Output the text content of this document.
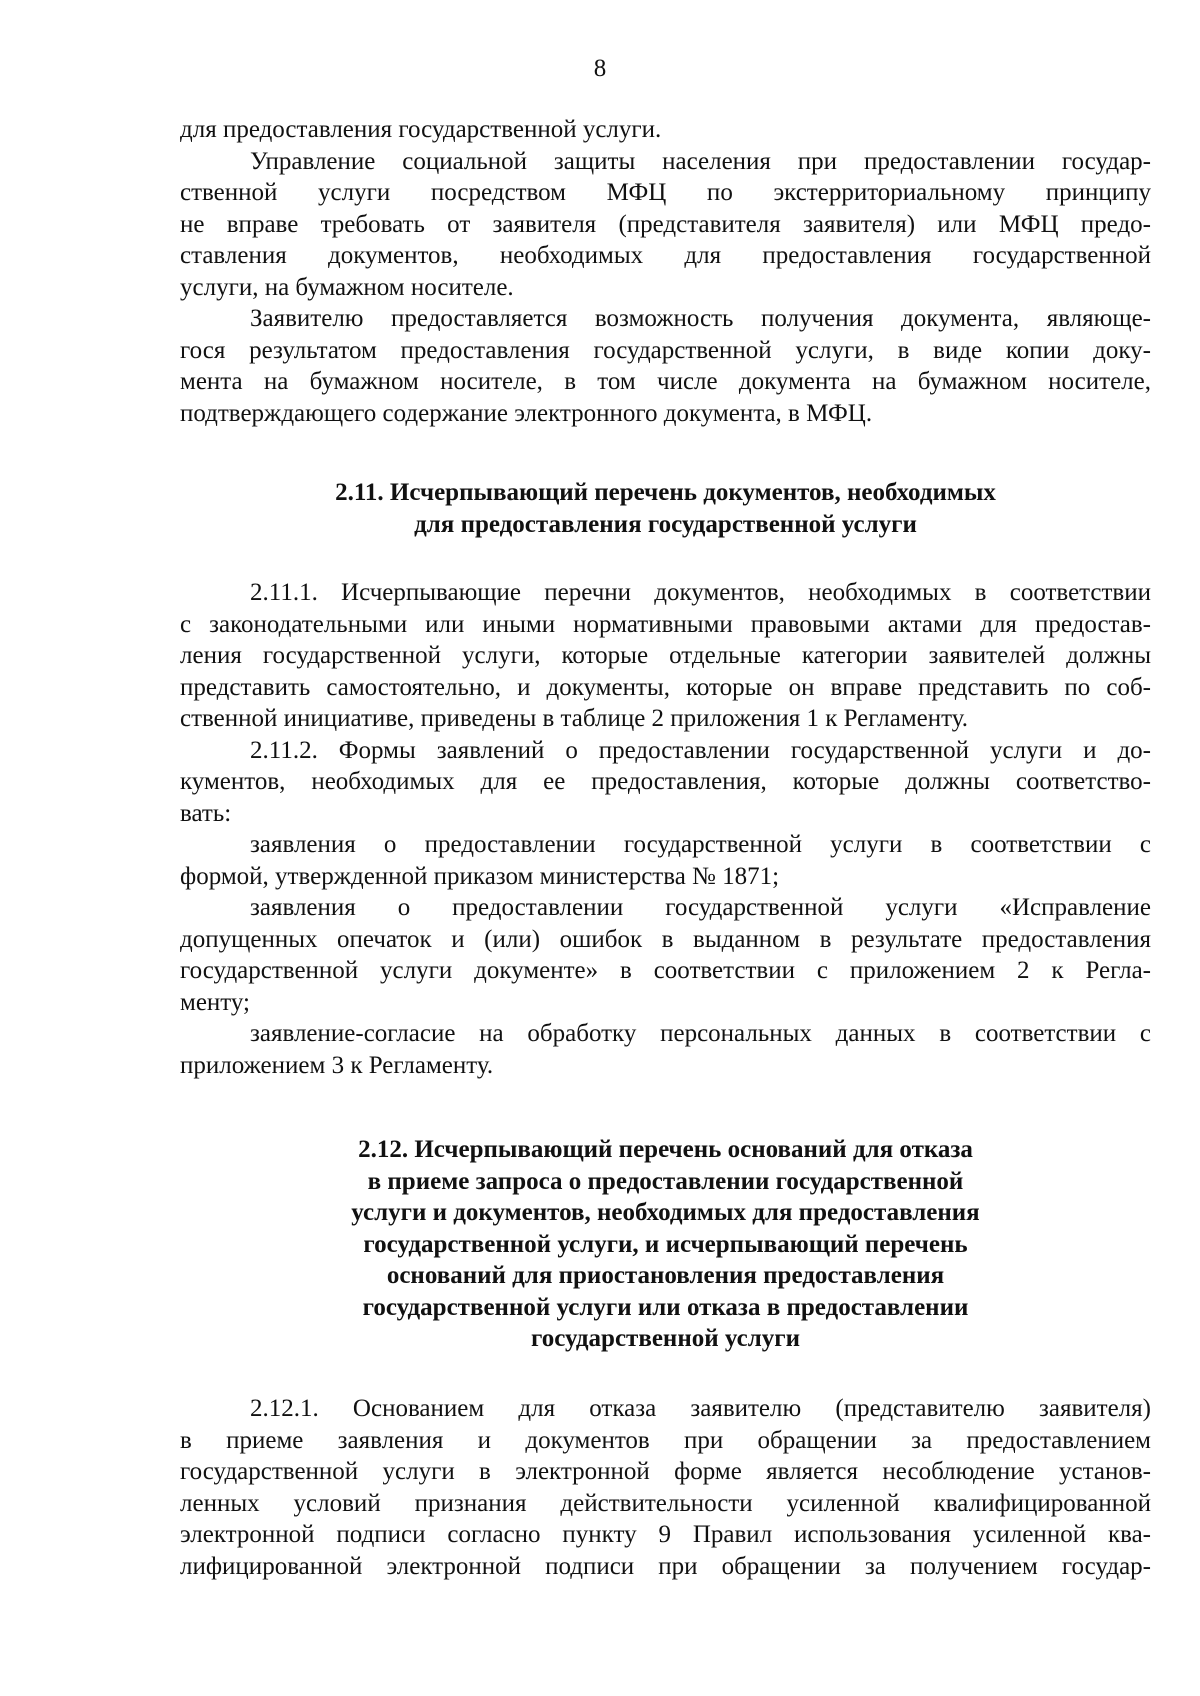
8
для предоставления государственной услуги.
Управление социальной защиты населения при предоставлении государ-
ственной услуги посредством МФЦ по экстерриториальному принципу
не вправе требовать от заявителя (представителя заявителя) или МФЦ предо-
ставления документов, необходимых для предоставления государственной
услуги, на бумажном носителе.
Заявителю предоставляется возможность получения документа, являюще-
гося результатом предоставления государственной услуги, в виде копии доку-
мента на бумажном носителе, в том числе документа на бумажном носителе,
подтверждающего содержание электронного документа, в МФЦ.
2.11. Исчерпывающий перечень документов, необходимых
для предоставления государственной услуги
2.11.1. Исчерпывающие перечни документов, необходимых в соответствии
с законодательными или иными нормативными правовыми актами для предостав-
ления государственной услуги, которые отдельные категории заявителей должны
представить самостоятельно, и документы, которые он вправе представить по соб-
ственной инициативе, приведены в таблице 2 приложения 1 к Регламенту.
2.11.2. Формы заявлений о предоставлении государственной услуги и до-
кументов, необходимых для ее предоставления, которые должны соответство-
вать:
заявления о предоставлении государственной услуги в соответствии с
формой, утвержденной приказом министерства № 1871;
заявления о предоставлении государственной услуги «Исправление
допущенных опечаток и (или) ошибок в выданном в результате предоставления
государственной услуги документе» в соответствии с приложением 2 к Регла-
менту;
заявление-согласие на обработку персональных данных в соответствии с
приложением 3 к Регламенту.
2.12. Исчерпывающий перечень оснований для отказа
в приеме запроса о предоставлении государственной
услуги и документов, необходимых для предоставления
государственной услуги, и исчерпывающий перечень
оснований для приостановления предоставления
государственной услуги или отказа в предоставлении
государственной услуги
2.12.1. Основанием для отказа заявителю (представителю заявителя)
в приеме заявления и документов при обращении за предоставлением
государственной услуги в электронной форме является несоблюдение установ-
ленных условий признания действительности усиленной квалифицированной
электронной подписи согласно пункту 9 Правил использования усиленной ква-
лифицированной электронной подписи при обращении за получением государ-
